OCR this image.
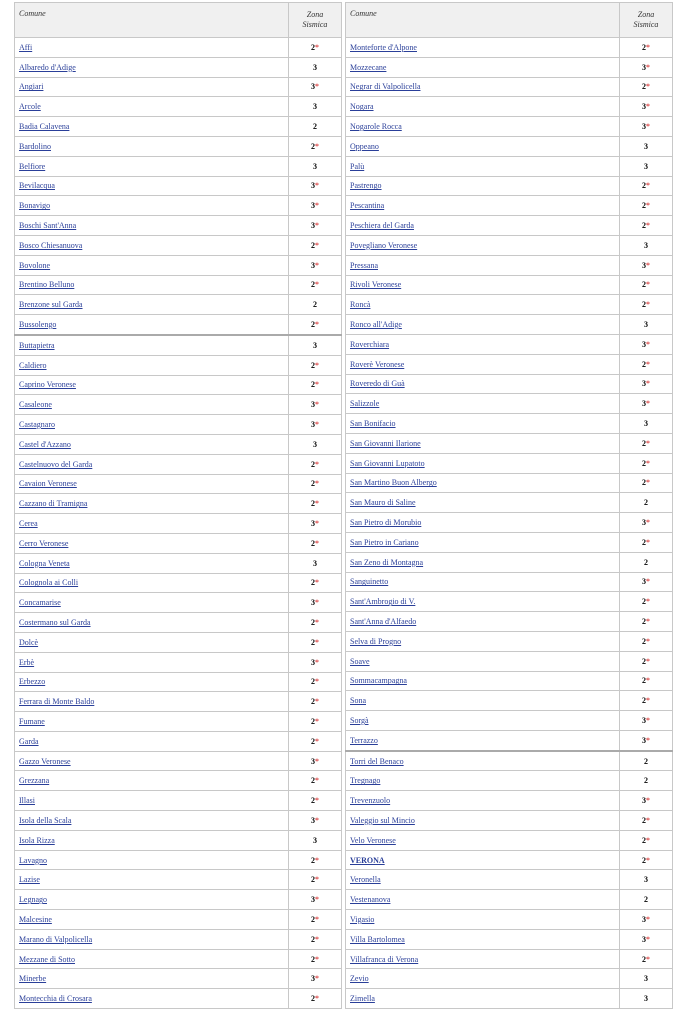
Comune	Zona
Sismica
Affi	2*
Albaredo d'Adige	3
Angiari	3*
Arcole	3
Badia Calavena	2
Bardolino	2*
Belfiore	3
Bevilacqua	3*
Bonavigo	3*
Boschi Sant'Anna	3*
Bosco Chiesanuova	2*
Bovolone	3*
Brentino Belluno	2*
Brenzone sul Garda	2
Bussolengo	2*
Buttapietra	3
Caldiero	2*
Caprino Veronese	2*
Casaleone	3*
Castagnaro	3*
Castel d'Azzano	3
Castelnuovo del Garda	2*
Cavaion Veronese	2*
Cazzano di Tramigna	2*
Cerea	3*
Cerro Veronese	2*
Cologna Veneta	3
Colognola ai Colli	2*
Concamarise	3*
Costermano sul Garda	2*
Dolcè	2*
Erbè	3*
Erbezzo	2*
Ferrara di Monte Baldo	2*
Fumane	2*
Garda	2*
Gazzo Veronese	3*
Grezzana	2*
Illasi	2*
Isola della Scala	3*
Isola Rizza	3
Lavagno	2*
Lazise	2*
Legnago	3*
Malcesine	2*
Marano di Valpolicella	2*
Mezzane di Sotto	2*
Minerbe	3*
Montecchia di Crosara	2*
Comune	Zona
Sismica
Monteforte d'Alpone	2*
Mozzecane	3*
Negrar di Valpolicella	2*
Nogara	3*
Nogarole Rocca	3*
Oppeano	3
Palù	3
Pastrengo	2*
Pescantina	2*
Peschiera del Garda	2*
Povegliano Veronese	3
Pressana	3*
Rivoli Veronese	2*
Roncà	2*
Ronco all'Adige	3
Roverchiara	3*
Roverè Veronese	2*
Roveredo di Guà	3*
Salizzole	3*
San Bonifacio	3
San Giovanni Ilarione	2*
San Giovanni Lupatoto	2*
San Martino Buon Albergo	2*
San Mauro di Saline	2
San Pietro di Morubio	3*
San Pietro in Cariano	2*
San Zeno di Montagna	2
Sanguinetto	3*
Sant'Ambrogio di V.	2*
Sant'Anna d'Alfaedo	2*
Selva di Progno	2*
Soave	2*
Sommacampagna	2*
Sona	2*
Sorgà	3*
Terrazzo	3*
Torri del Benaco	2
Tregnago	2
Trevenzuolo	3*
Valeggio sul Mincio	2*
Velo Veronese	2*
VERONA	2*
Veronella	3
Vestenanova	2
Vigasio	3*
Villa Bartolomea	3*
Villafranca di Verona	2*
Zevio	3
Zimella	3
